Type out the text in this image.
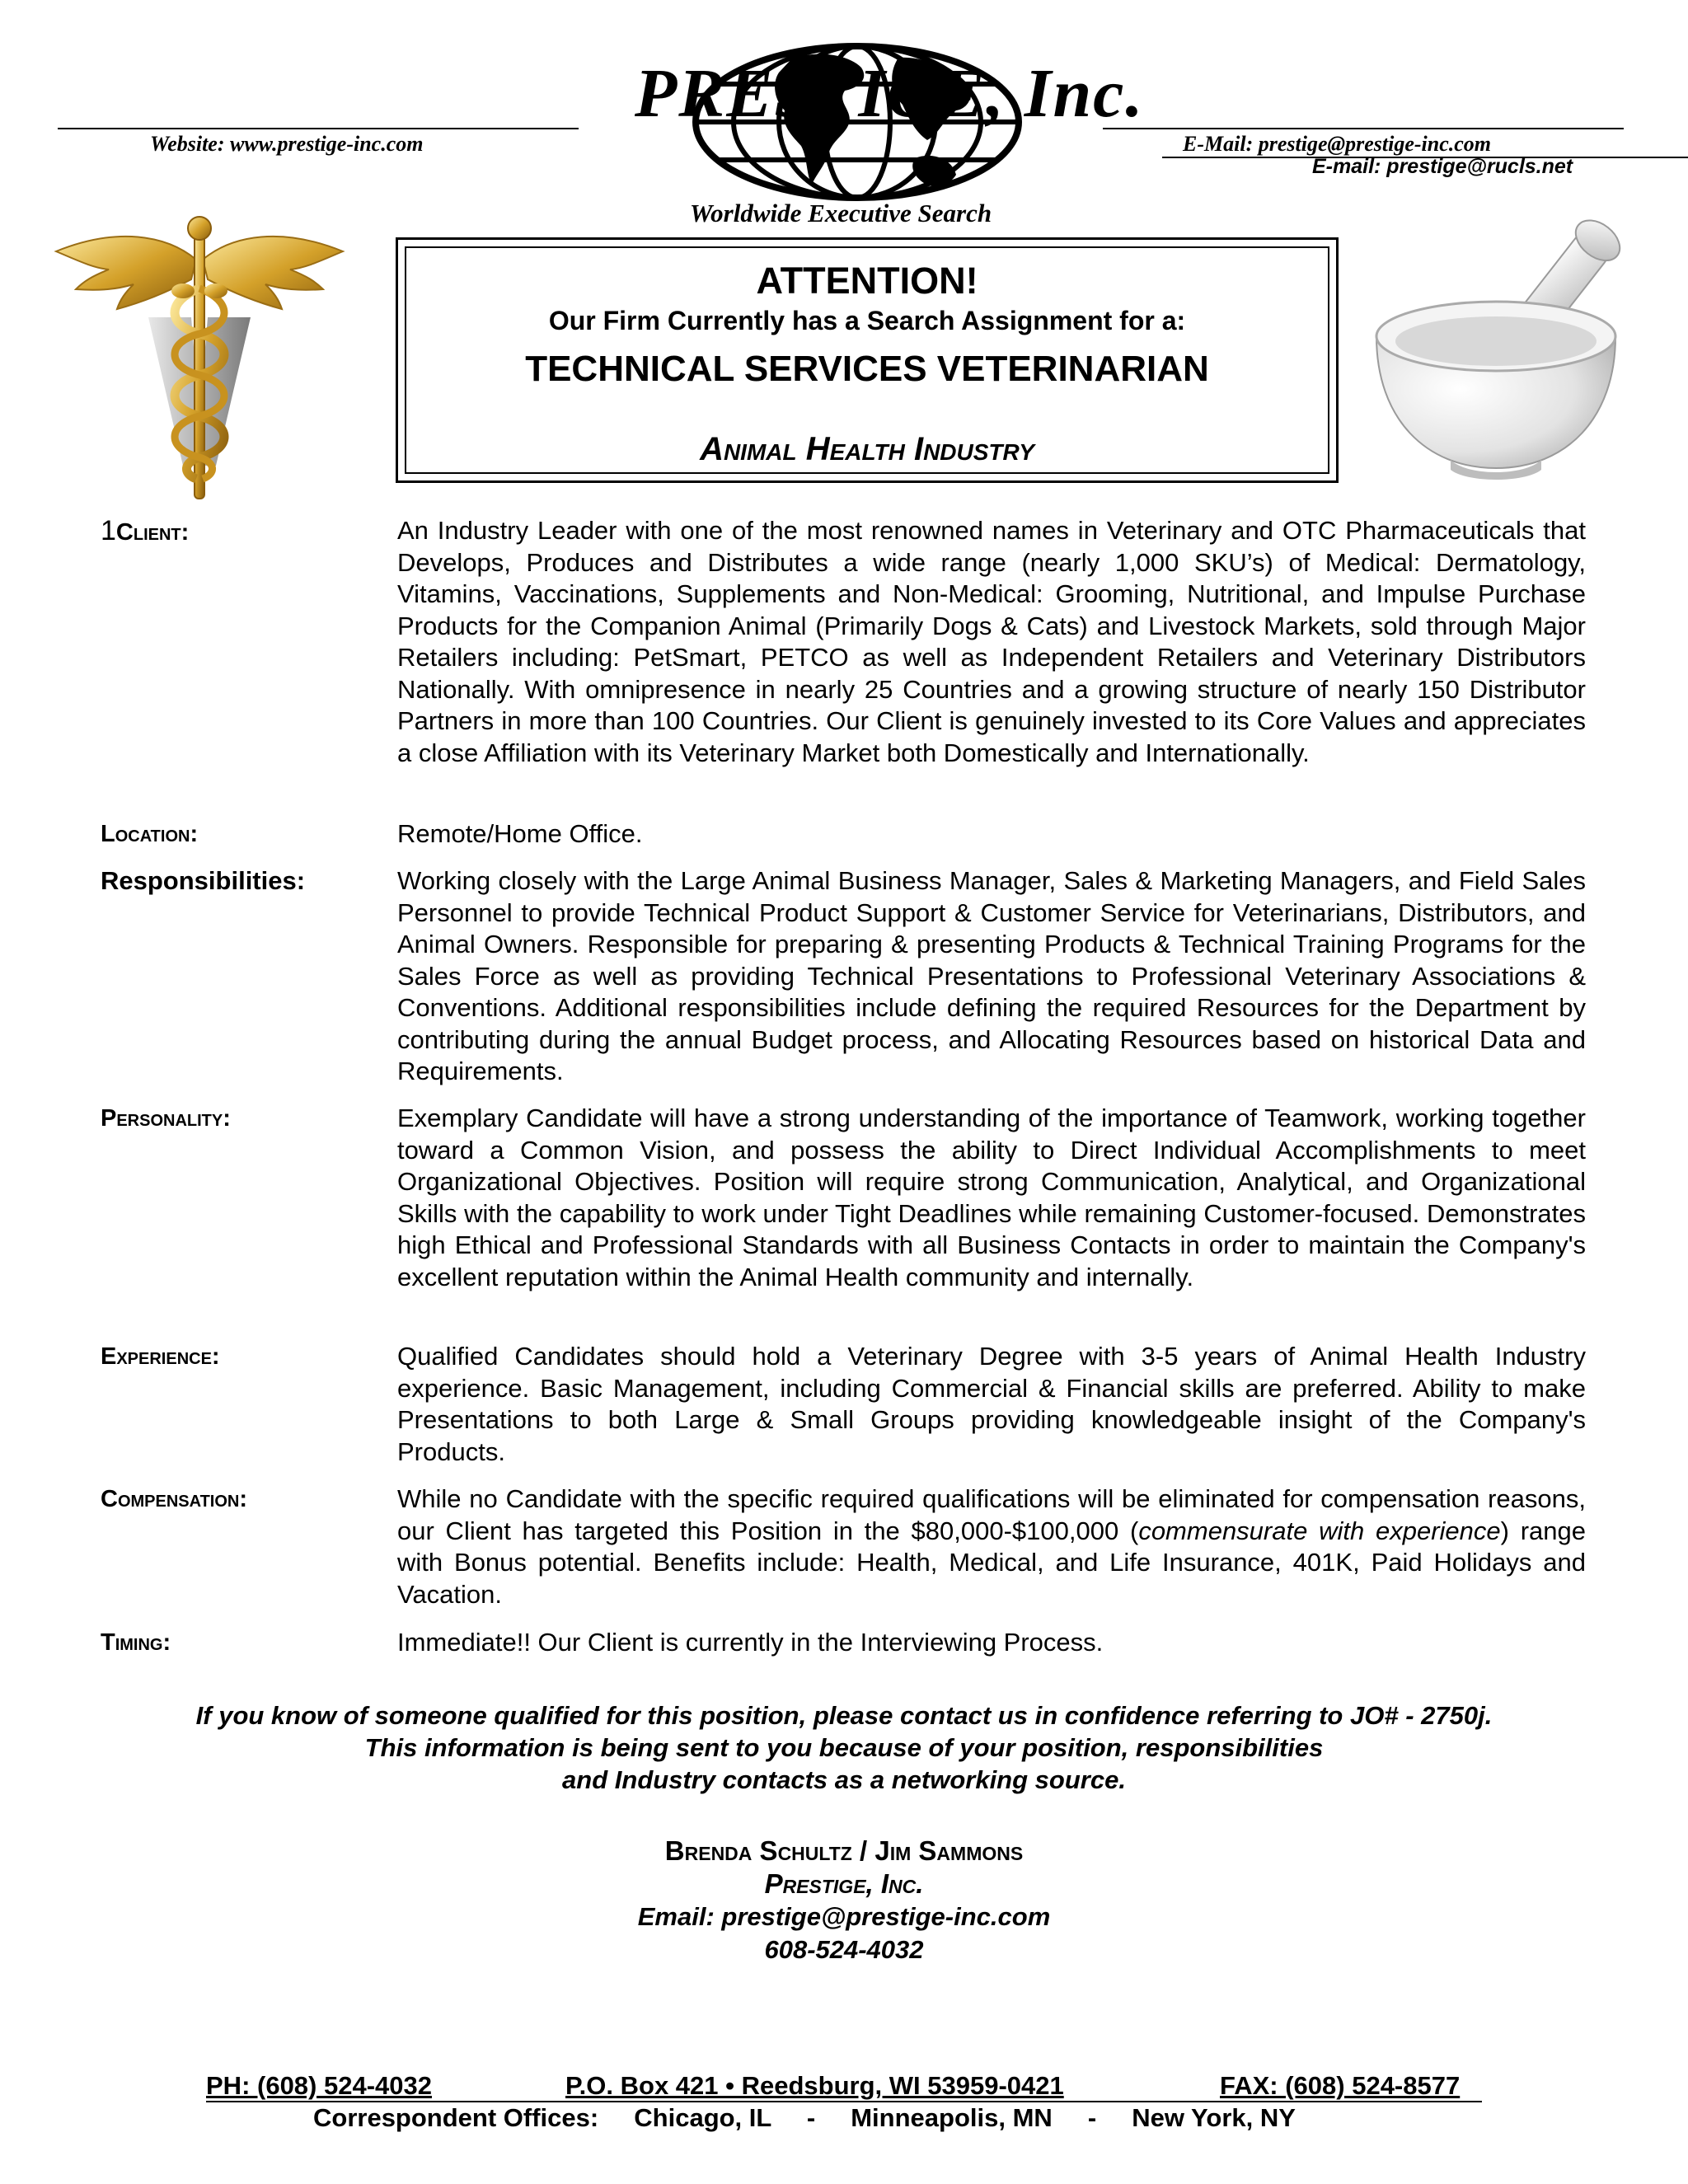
Website: www.prestige-inc.com	E-Mail: prestige@prestige-inc.com
E-mail: prestige@rucls.net
PRESTIGE, Inc.
Worldwide Executive Search
ATTENTION!
Our Firm Currently has a Search Assignment for a:
TECHNICAL SERVICES VETERINARIAN
Animal Health Industry
1Client:	An Industry Leader with one of the most renowned names in Veterinary and OTC Pharmaceuticals that Develops, Produces and Distributes a wide range (nearly 1,000 SKU’s) of Medical: Dermatology, Vitamins, Vaccinations, Supplements and Non-Medical: Grooming, Nutritional, and Impulse Purchase Products for the Companion Animal (Primarily Dogs & Cats) and Livestock Markets, sold through Major Retailers including: PetSmart, PETCO as well as Independent Retailers and Veterinary Distributors Nationally. With omnipresence in nearly 25 Countries and a growing structure of nearly 150 Distributor Partners in more than 100 Countries. Our Client is genuinely invested to its Core Values and appreciates a close Affiliation with its Veterinary Market both Domestically and Internationally.
Location:	Remote/Home Office.
Responsibilities:	Working closely with the Large Animal Business Manager, Sales & Marketing Managers, and Field Sales Personnel to provide Technical Product Support & Customer Service for Veterinarians, Distributors, and Animal Owners. Responsible for preparing & presenting Products & Technical Training Programs for the Sales Force as well as providing Technical Presentations to Professional Veterinary Associations & Conventions. Additional responsibilities include defining the required Resources for the Department by contributing during the annual Budget process, and Allocating Resources based on historical Data and Requirements.
Personality:	Exemplary Candidate will have a strong understanding of the importance of Teamwork, working together toward a Common Vision, and possess the ability to Direct Individual Accomplishments to meet Organizational Objectives. Position will require strong Communication, Analytical, and Organizational Skills with the capability to work under Tight Deadlines while remaining Customer-focused. Demonstrates high Ethical and Professional Standards with all Business Contacts in order to maintain the Company's excellent reputation within the Animal Health community and internally.
Experience:	Qualified Candidates should hold a Veterinary Degree with 3-5 years of Animal Health Industry experience. Basic Management, including Commercial & Financial skills are preferred. Ability to make Presentations to both Large & Small Groups providing knowledgeable insight of the Company's Products.
Compensation:	While no Candidate with the specific required qualifications will be eliminated for compensation reasons, our Client has targeted this Position in the $80,000-$100,000 (commensurate with experience) range with Bonus potential. Benefits include: Health, Medical, and Life Insurance, 401K, Paid Holidays and Vacation.
Timing:	Immediate!! Our Client is currently in the Interviewing Process.
If you know of someone qualified for this position, please contact us in confidence referring to JO# - 2750j.
This information is being sent to you because of your position, responsibilities
and Industry contacts as a networking source.
Brenda Schultz / Jim Sammons
Prestige, Inc.
Email: prestige@prestige-inc.com
608-524-4032
PH: (608) 524-4032	P.O. Box 421 • Reedsburg, WI 53959-0421	FAX: (608) 524-8577
Correspondent Offices:     Chicago, IL     -     Minneapolis, MN     -     New York, NY
